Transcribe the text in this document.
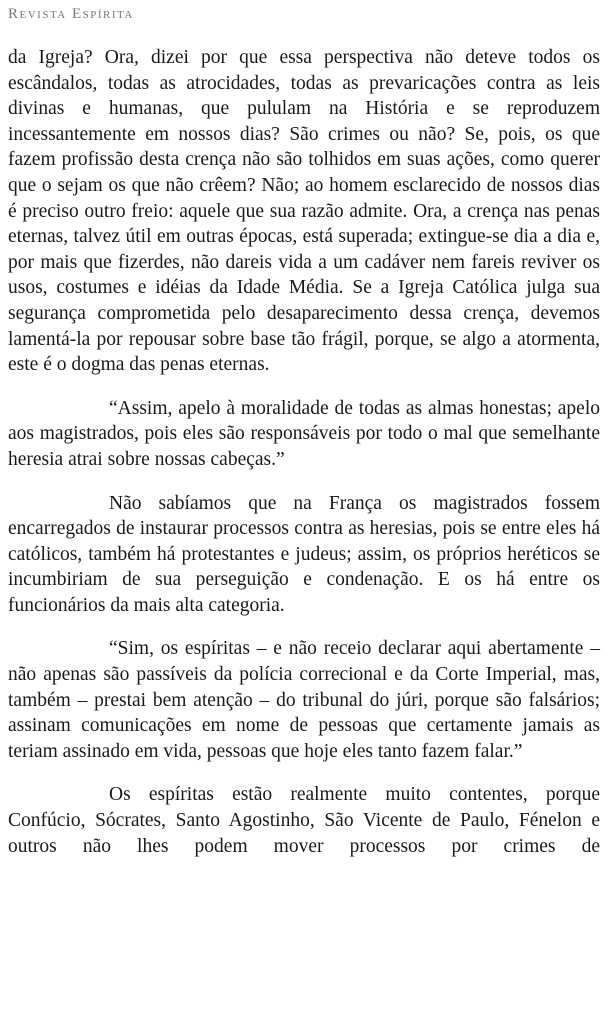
Revista Espírita

da Igreja? Ora, dizei por que essa perspectiva não deteve todos os escândalos, todas as atrocidades, todas as prevaricações contra as leis divinas e humanas, que pululam na História e se reproduzem incessantemente em nossos dias? São crimes ou não? Se, pois, os que fazem profissão desta crença não são tolhidos em suas ações, como querer que o sejam os que não crêem? Não; ao homem esclarecido de nossos dias é preciso outro freio: aquele que sua razão admite. Ora, a crença nas penas eternas, talvez útil em outras épocas, está superada; extingue-se dia a dia e, por mais que fizerdes, não dareis vida a um cadáver nem fareis reviver os usos, costumes e idéias da Idade Média. Se a Igreja Católica julga sua segurança comprometida pelo desaparecimento dessa crença, devemos lamentá-la por repousar sobre base tão frágil, porque, se algo a atormenta, este é o dogma das penas eternas.

“Assim, apelo à moralidade de todas as almas honestas; apelo aos magistrados, pois eles são responsáveis por todo o mal que semelhante heresia atrai sobre nossas cabeças.”

Não sabíamos que na França os magistrados fossem encarregados de instaurar processos contra as heresias, pois se entre eles há católicos, também há protestantes e judeus; assim, os próprios heréticos se incumbiriam de sua perseguição e condenação. E os há entre os funcionários da mais alta categoria.

“Sim, os espíritas – e não receio declarar aqui abertamente – não apenas são passíveis da polícia correcional e da Corte Imperial, mas, também – prestai bem atenção – do tribunal do júri, porque são falsários; assinam comunicações em nome de pessoas que certamente jamais as teriam assinado em vida, pessoas que hoje eles tanto fazem falar.”

Os espíritas estão realmente muito contentes, porque Confúcio, Sócrates, Santo Agostinho, São Vicente de Paulo, Fénelon e outros não lhes podem mover processos por crimes de
